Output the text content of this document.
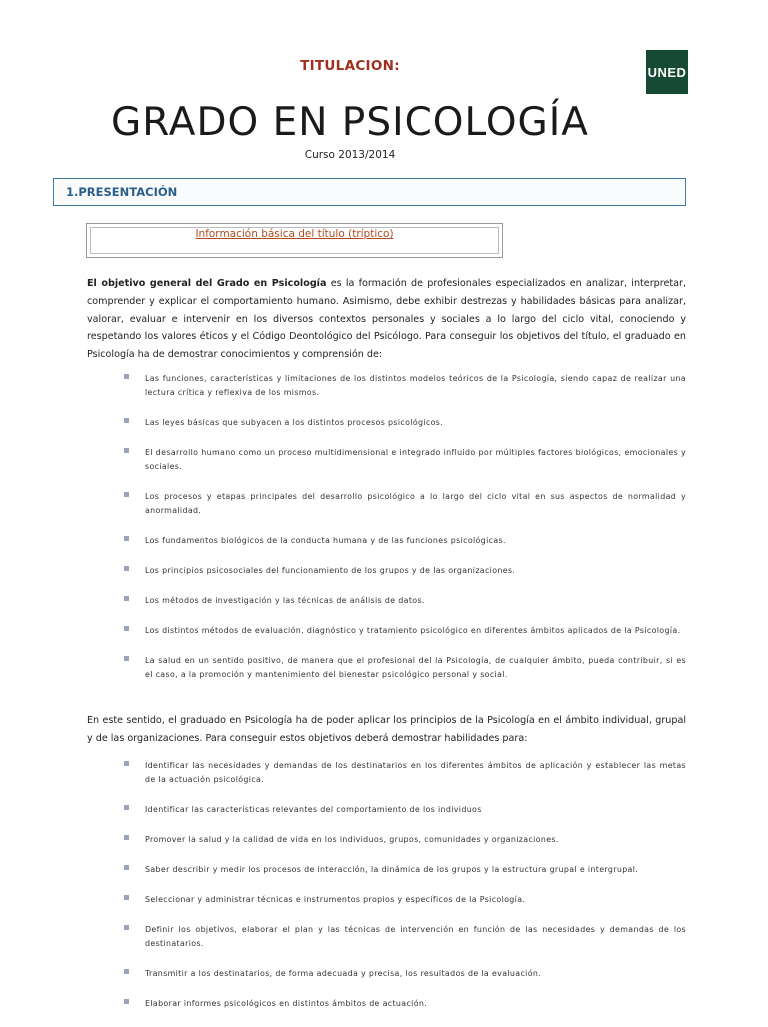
TITULACION:	UNED
GRADO EN PSICOLOGÍA
Curso 2013/2014
1.PRESENTACIÓN
Información básica del título (tríptico)
El objetivo general del Grado en Psicología es la formación de profesionales especializados en analizar, interpretar, comprender y explicar el comportamiento humano. Asimismo, debe exhibir destrezas y habilidades básicas para analizar, valorar, evaluar e intervenir en los diversos contextos personales y sociales a lo largo del ciclo vital, conociendo y respetando los valores éticos y el Código Deontológico del Psicólogo. Para conseguir los objetivos del título, el graduado en Psicología ha de demostrar conocimientos y comprensión de:
Las funciones, características y limitaciones de los distintos modelos teóricos de la Psicología, siendo capaz de realizar una lectura crítica y reflexiva de los mismos.
Las leyes básicas que subyacen a los distintos procesos psicológicos.
El desarrollo humano como un proceso multidimensional e integrado influido por múltiples factores biológicos, emocionales y sociales.
Los procesos y etapas principales del desarrollo psicológico a lo largo del ciclo vital en sus aspectos de normalidad y anormalidad.
Los fundamentos biológicos de la conducta humana y de las funciones psicológicas.
Los principios psicosociales del funcionamiento de los grupos y de las organizaciones.
Los métodos de investigación y las técnicas de análisis de datos.
Los distintos métodos de evaluación, diagnóstico y tratamiento psicológico en diferentes ámbitos aplicados de la Psicología.
La salud en un sentido positivo, de manera que el profesional del la Psicología, de cualquier ámbito, pueda contribuir, si es el caso, a la promoción y mantenimiento del bienestar psicológico personal y social.
En este sentido, el graduado en Psicología ha de poder aplicar los principios de la Psicología en el ámbito individual, grupal y de las organizaciones. Para conseguir estos objetivos deberá demostrar habilidades para:
Identificar las necesidades y demandas de los destinatarios en los diferentes ámbitos de aplicación y establecer las metas de la actuación psicológica.
Identificar las características relevantes del comportamiento de los individuos
Promover la salud y la calidad de vida en los individuos, grupos, comunidades y organizaciones.
Saber describir y medir los procesos de interacción, la dinámica de los grupos y la estructura grupal e intergrupal.
Seleccionar y administrar técnicas e instrumentos propios y específicos de la Psicología.
Definir los objetivos, elaborar el plan y las técnicas de intervención en función de las necesidades y demandas de los destinatarios.
Transmitir a los destinatarios, de forma adecuada y precisa, los resultados de la evaluación.
Elaborar informes psicológicos en distintos ámbitos de actuación.
